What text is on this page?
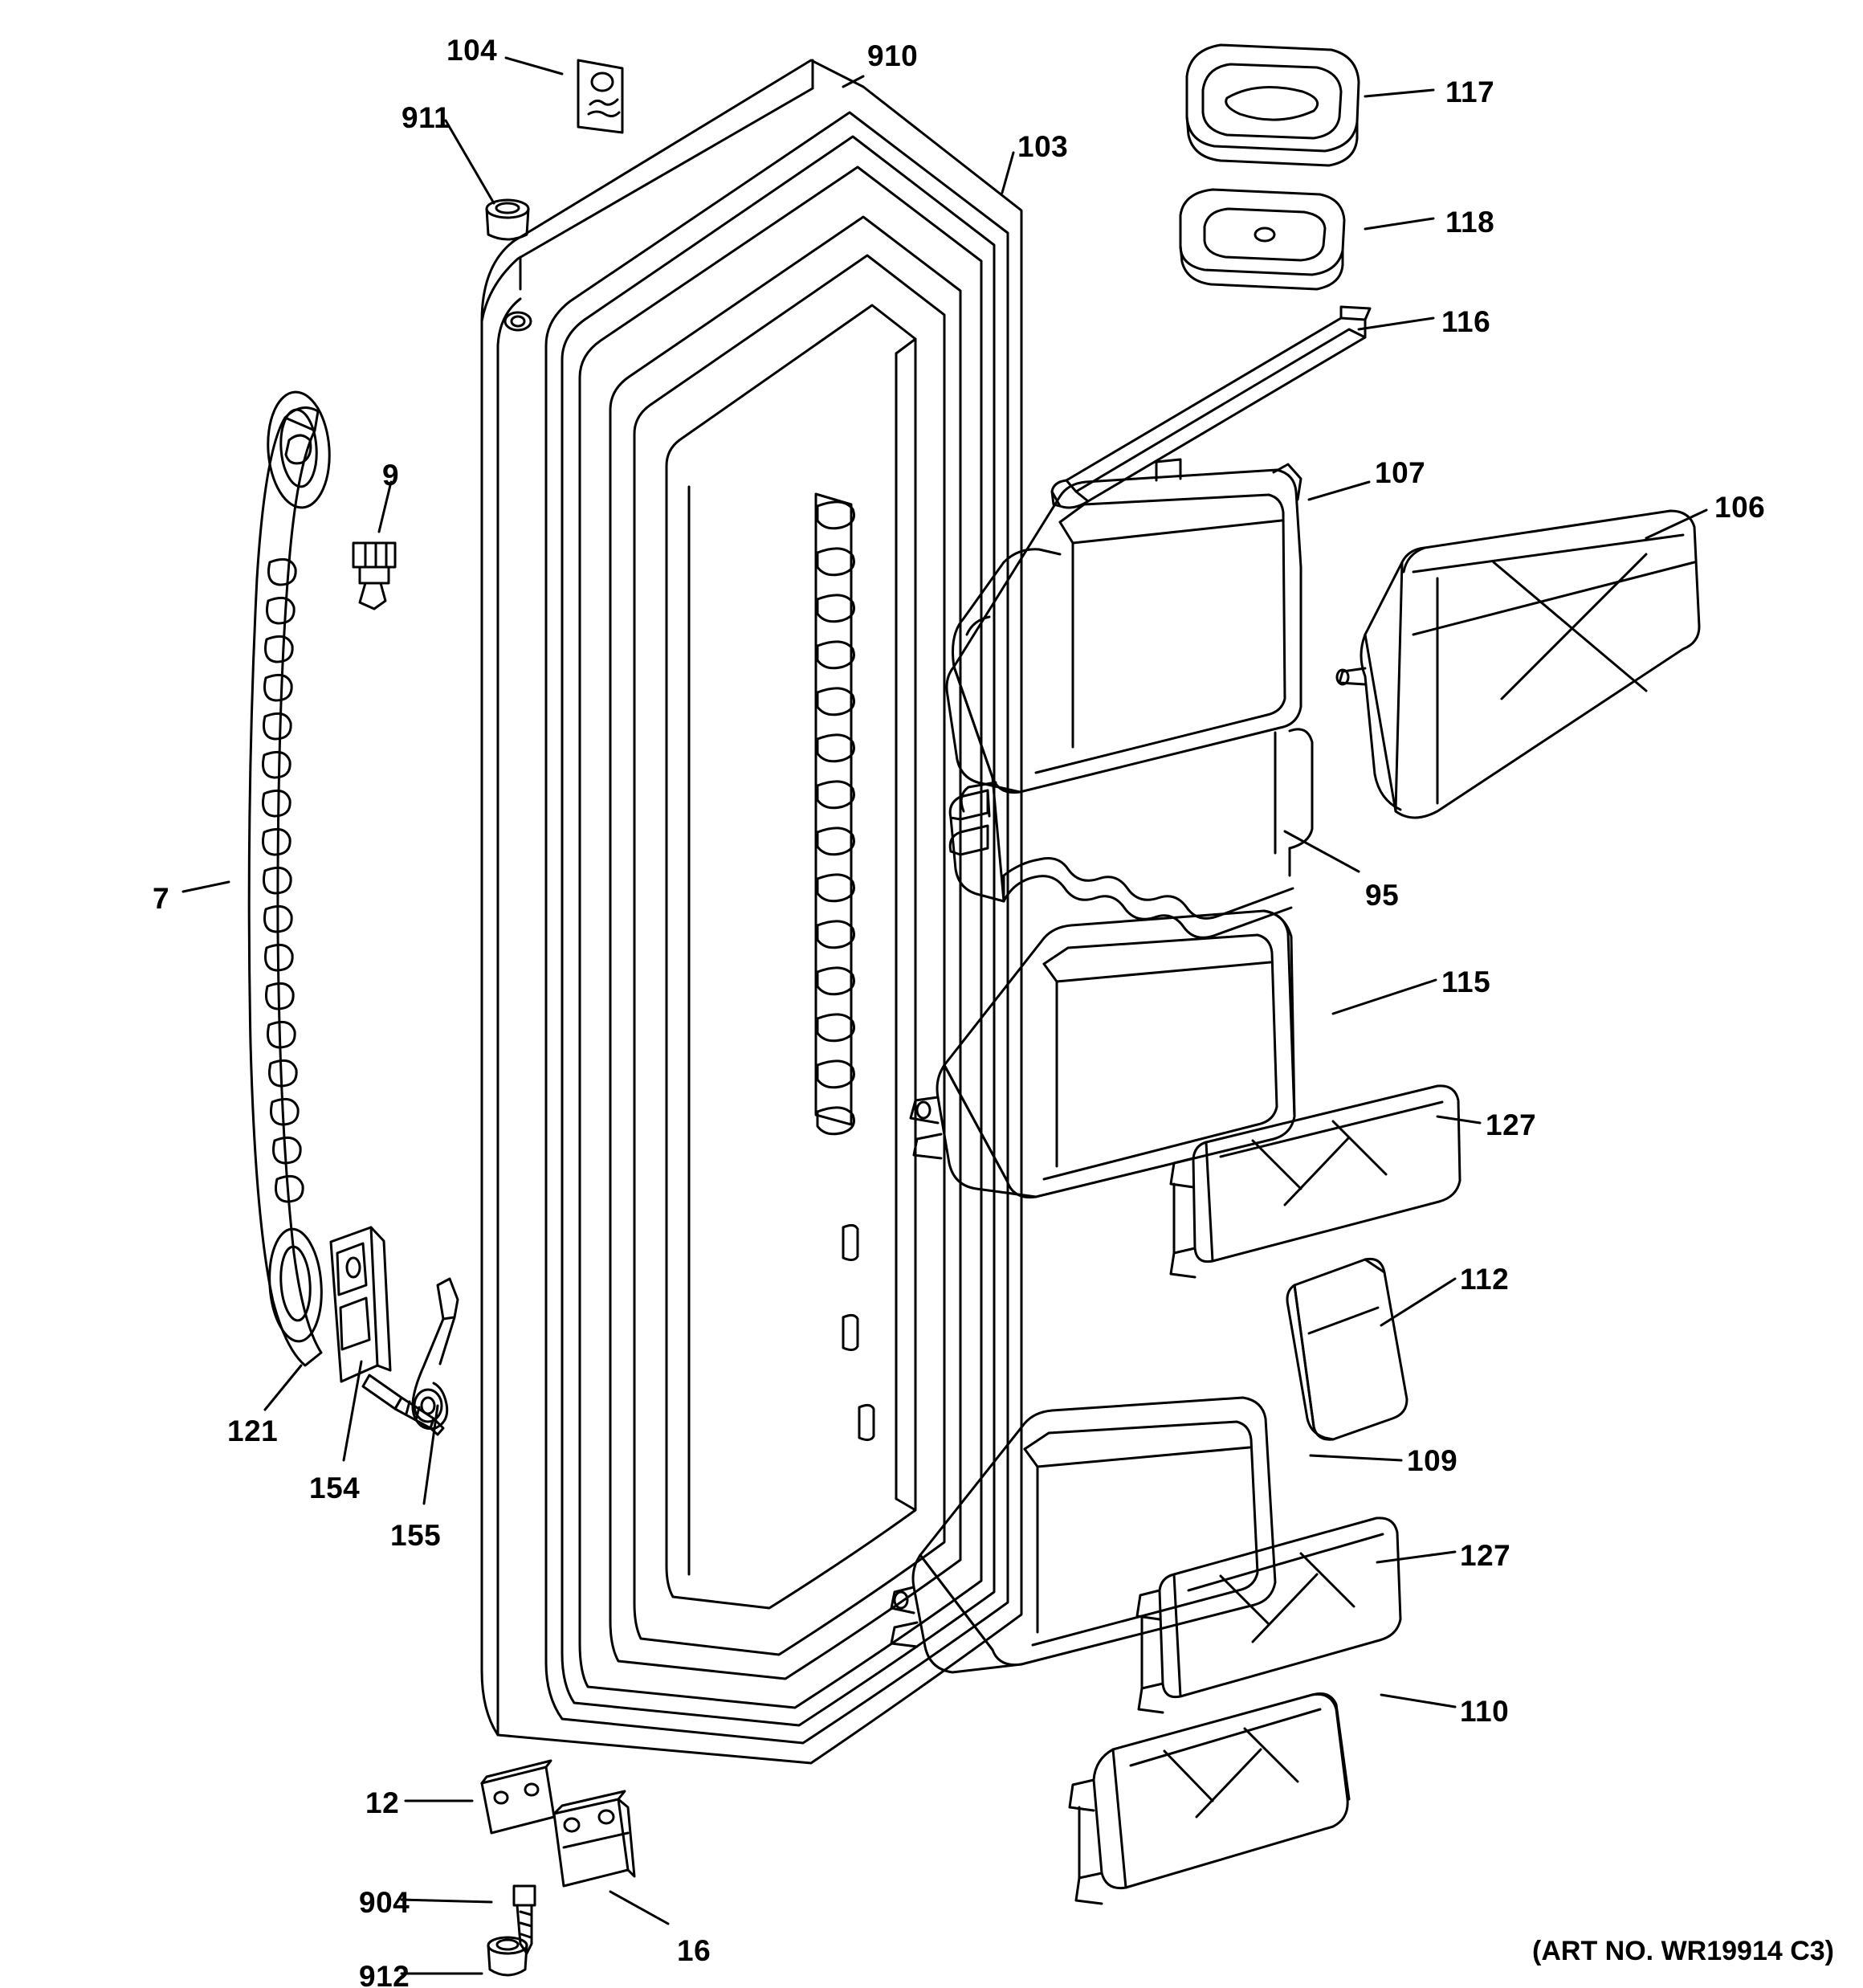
104	910
117
911
103
118
116
107
106
9
95
7
115
127
112
121
109
154
127
155
110
12
904
16
912
(ART NO. WR19914 C3)
